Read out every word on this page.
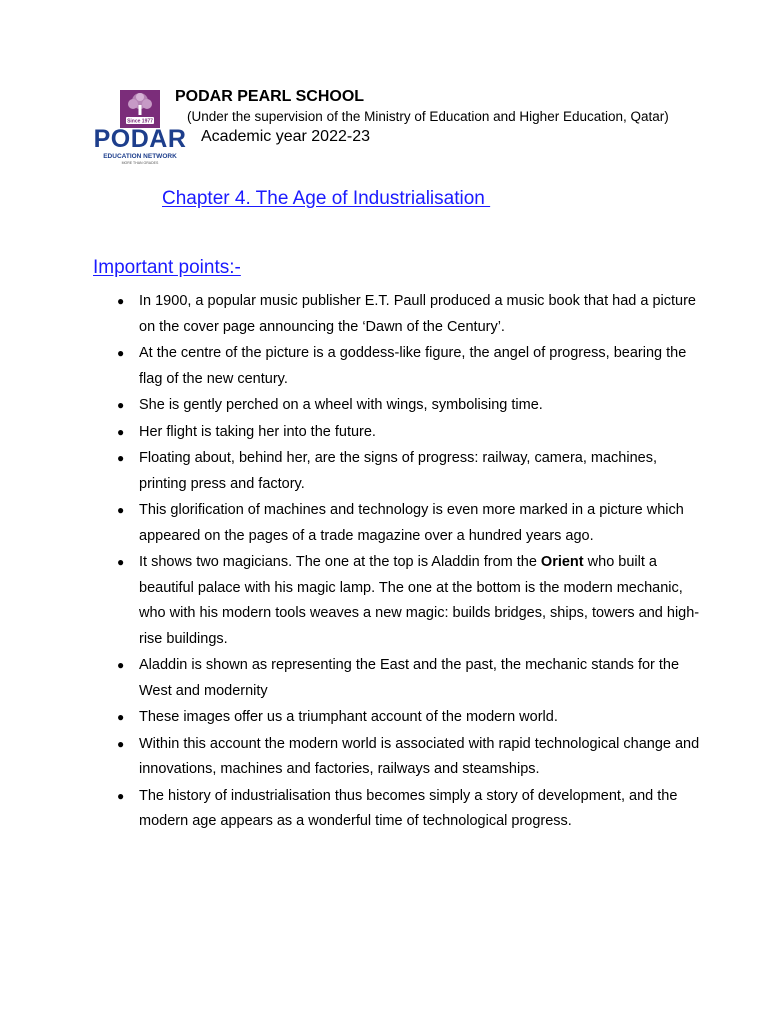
Since 1977
PODAR
EDUCATION NETWORK
MORE THAN GRADES
PODAR PEARL SCHOOL
(Under the supervision of the Ministry of Education and Higher Education, Qatar)
Academic year 2022-23
Chapter 4. The Age of Industrialisation
Important points:-
● In 1900, a popular music publisher E.T. Paull produced a music book that had a picture on the cover page announcing the ‘Dawn of the Century’.
● At the centre of the picture is a goddess-like figure, the angel of progress, bearing the flag of the new century.
● She is gently perched on a wheel with wings, symbolising time.
● Her flight is taking her into the future.
● Floating about, behind her, are the signs of progress: railway, camera, machines, printing press and factory.
● This glorification of machines and technology is even more marked in a picture which appeared on the pages of a trade magazine over a hundred years ago.
● It shows two magicians. The one at the top is Aladdin from the Orient who built a beautiful palace with his magic lamp. The one at the bottom is the modern mechanic, who with his modern tools weaves a new magic: builds bridges, ships, towers and high-rise buildings.
● Aladdin is shown as representing the East and the past, the mechanic stands for the West and modernity
● These images offer us a triumphant account of the modern world.
● Within this account the modern world is associated with rapid technological change and innovations, machines and factories, railways and steamships.
● The history of industrialisation thus becomes simply a story of development, and the modern age appears as a wonderful time of technological progress.
